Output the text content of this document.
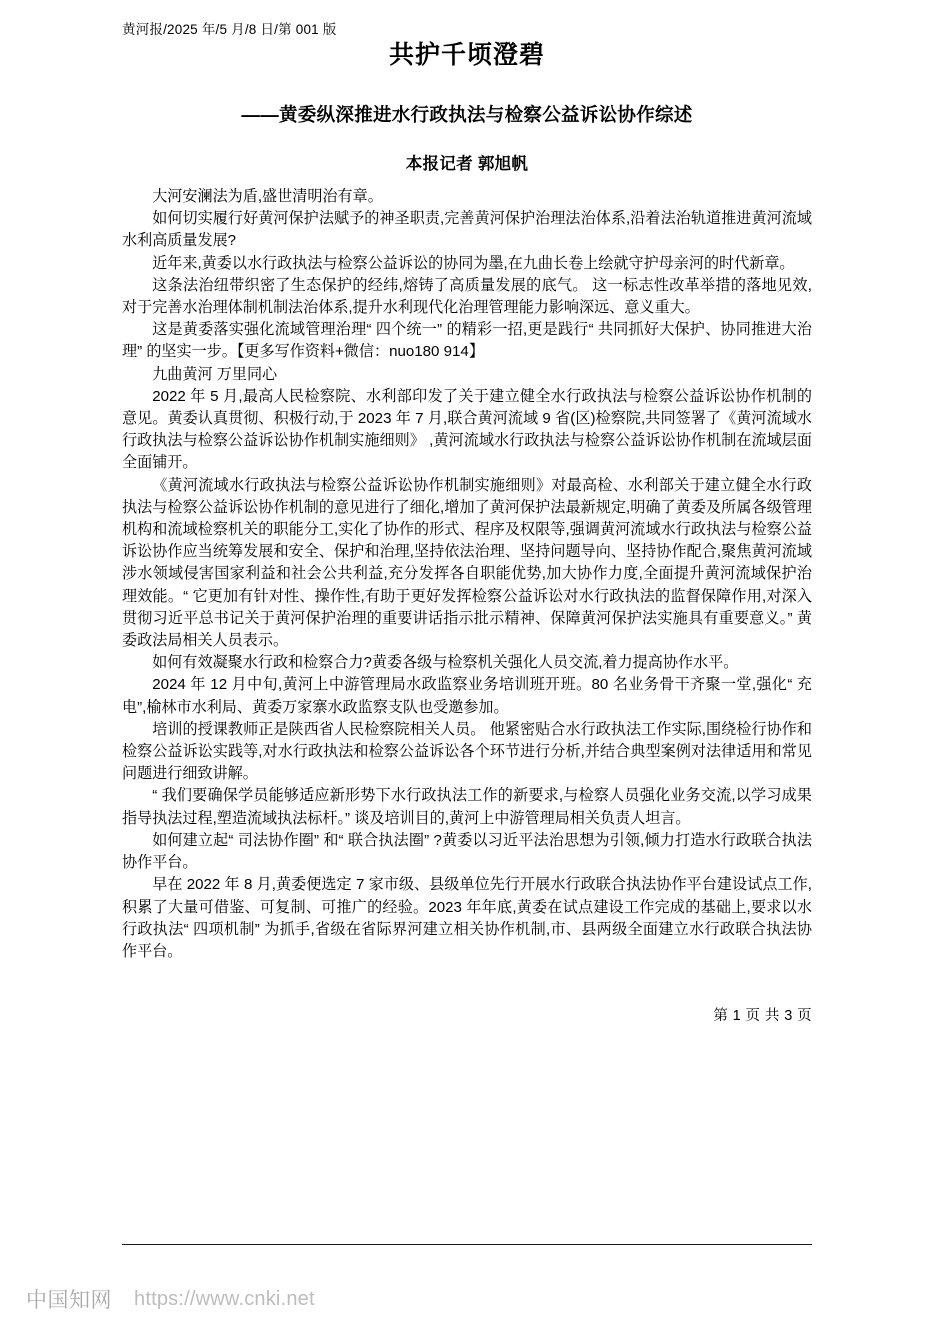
黄河报/2025 年/5 月/8 日/第 001 版
共护千顷澄碧
——黄委纵深推进水行政执法与检察公益诉讼协作综述
本报记者 郭旭帆

大河安澜法为盾,盛世清明治有章。

如何切实履行好黄河保护法赋予的神圣职责,完善黄河保护治理法治体系,沿着法治轨道推进黄河流域水利高质量发展?

近年来,黄委以水行政执法与检察公益诉讼的协同为墨,在九曲长卷上绘就守护母亲河的时代新章。

这条法治纽带织密了生态保护的经纬,熔铸了高质量发展的底气。 这一标志性改革举措的落地见效,对于完善水治理体制机制法治体系,提升水利现代化治理管理能力影响深远、意义重大。

这是黄委落实强化流域管理治理“ 四个统一” 的精彩一招,更是践行“ 共同抓好大保护、协同推进大治理” 的坚实一步。【更多写作资料+微信：nuo180 914】

九曲黄河 万里同心

2022 年 5 月,最高人民检察院、水利部印发了关于建立健全水行政执法与检察公益诉讼协作机制的意见。黄委认真贯彻、积极行动,于 2023 年 7 月,联合黄河流域 9 省(区)检察院,共同签署了《黄河流域水行政执法与检察公益诉讼协作机制实施细则》 ,黄河流域水行政执法与检察公益诉讼协作机制在流域层面全面铺开。

《黄河流域水行政执法与检察公益诉讼协作机制实施细则》对最高检、水利部关于建立健全水行政执法与检察公益诉讼协作机制的意见进行了细化,增加了黄河保护法最新规定,明确了黄委及所属各级管理机构和流域检察机关的职能分工,实化了协作的形式、程序及权限等,强调黄河流域水行政执法与检察公益诉讼协作应当统筹发展和安全、保护和治理,坚持依法治理、坚持问题导向、坚持协作配合,聚焦黄河流域涉水领域侵害国家利益和社会公共利益,充分发挥各自职能优势,加大协作力度,全面提升黄河流域保护治理效能。“ 它更加有针对性、操作性,有助于更好发挥检察公益诉讼对水行政执法的监督保障作用,对深入贯彻习近平总书记关于黄河保护治理的重要讲话指示批示精神、保障黄河保护法实施具有重要意义。” 黄委政法局相关人员表示。

如何有效凝聚水行政和检察合力?黄委各级与检察机关强化人员交流,着力提高协作水平。

2024 年 12 月中旬,黄河上中游管理局水政监察业务培训班开班。80 名业务骨干齐聚一堂,强化“ 充电”,榆林市水利局、黄委万家寨水政监察支队也受邀参加。

培训的授课教师正是陕西省人民检察院相关人员。 他紧密贴合水行政执法工作实际,围绕检行协作和检察公益诉讼实践等,对水行政执法和检察公益诉讼各个环节进行分析,并结合典型案例对法律适用和常见问题进行细致讲解。

“ 我们要确保学员能够适应新形势下水行政执法工作的新要求,与检察人员强化业务交流,以学习成果指导执法过程,塑造流域执法标杆。” 谈及培训目的,黄河上中游管理局相关负责人坦言。

如何建立起“ 司法协作圈” 和“ 联合执法圈” ?黄委以习近平法治思想为引领,倾力打造水行政联合执法协作平台。

早在 2022 年 8 月,黄委便选定 7 家市级、县级单位先行开展水行政联合执法协作平台建设试点工作,积累了大量可借鉴、可复制、可推广的经验。2023 年年底,黄委在试点建设工作完成的基础上,要求以水行政执法“ 四项机制” 为抓手,省级在省际界河建立相关协作机制,市、县两级全面建立水行政联合执法协作平台。

第 1 页 共 3 页
中国知网 https://www.cnki.net
